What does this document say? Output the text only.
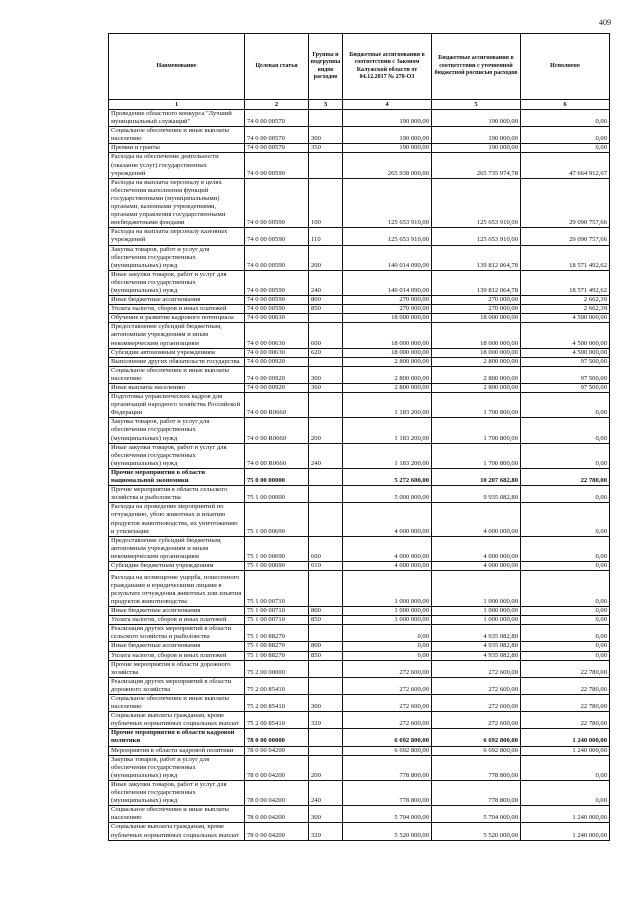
409
Наименование	Целевая статья	Группы и подгруппы видов расходов	Бюджетные ассигнования в соответствии с Законом Калужской области от 04.12.2017 № 278-ОЗ	Бюджетные ассигнования в соответствии с уточненной бюджетной росписью расходов	Исполнено
1	2	3	4	5	6
Проведение областного конкурса "Лучший муниципальный служащий"	74 0 00 00570		190 000,00	190 000,00	0,00
Социальное обеспечение и иные выплаты населению	74 0 00 00570	300	190 000,00	190 000,00	0,00
Премии и гранты	74 0 00 00570	350	190 000,00	190 000,00	0,00
Расходы на обеспечение деятельности (оказание услуг) государственных учреждений	74 0 00 00590		265 938 000,00	265 735 974,78	47 664 912,67
Расходы на выплаты персоналу в целях обеспечения выполнения функций государственными (муниципальными) органами, казенными учреждениями, органами управления государственными внебюджетными фондами	74 0 00 00590	100	125 653 910,00	125 653 910,00	29 090 757,66
Расходы на выплаты персоналу казенных учреждений	74 0 00 00590	110	125 653 910,00	125 653 910,00	29 090 757,66
Закупка товаров, работ и услуг для обеспечения государственных (муниципальных) нужд	74 0 00 00590	200	140 014 090,00	139 812 064,78	18 571 492,62
Иные закупки товаров, работ и услуг для обеспечения государственных (муниципальных) нужд	74 0 00 00590	240	140 014 090,00	139 812 064,78	18 571 492,62
Иные бюджетные ассигнования	74 0 00 00590	800	270 000,00	270 000,00	2 662,39
Уплата налогов, сборов и иных платежей	74 0 00 00590	850	270 000,00	270 000,00	2 662,39
Обучение и развитие кадрового потенциала	74 0 00 00630		18 000 000,00	18 000 000,00	4 500 000,00
Предоставление субсидий бюджетным, автономным учреждениям и иным некоммерческим организациям	74 0 00 00630	600	18 000 000,00	18 000 000,00	4 500 000,00
Субсидии автономным учреждениям	74 0 00 00630	620	18 000 000,00	18 000 000,00	4 500 000,00
Выполнение других обязательств государства	74 0 00 00920		2 800 000,00	2 800 000,00	97 500,00
Социальное обеспечение и иные выплаты населению	74 0 00 00920	300	2 800 000,00	2 800 000,00	97 500,00
Иные выплаты населению	74 0 00 00920	360	2 800 000,00	2 800 000,00	97 500,00
Подготовка управленческих кадров для организаций народного хозяйства Российской Федерации	74 0 00 R0660		1 183 200,00	1 700 800,00	0,00
Закупка товаров, работ и услуг для обеспечения государственных (муниципальных) нужд	74 0 00 R0660	200	1 183 200,00	1 700 800,00	0,00
Иные закупки товаров, работ и услуг для обеспечения государственных (муниципальных) нужд	74 0 00 R0660	240	1 183 200,00	1 700 800,00	0,00
Прочие мероприятия в области национальной экономики	75 0 00 00000		5 272 600,00	10 207 682,80	22 780,00
Прочие мероприятия в области сельского хозяйства и рыболовства	75 1 00 00000		5 000 000,00	9 935 082,80	0,00
Расходы на проведение мероприятий по отчуждению, убою животных и изъятию продуктов животноводства, их уничтожению и утилизации	75 1 00 00690		4 000 000,00	4 000 000,00	0,00
Предоставление субсидий бюджетным, автономным учреждениям и иным некоммерческим организациям	75 1 00 00690	600	4 000 000,00	4 000 000,00	0,00
Субсидии бюджетным учреждениям	75 1 00 00690	610	4 000 000,00	4 000 000,00	0,00
Расходы на возмещение ущерба, понесенного гражданами и юридическими лицами в результате отчуждения животных или изъятия продуктов животноводства	75 1 00 00710		1 000 000,00	1 000 000,00	0,00
Иные бюджетные ассигнования	75 1 00 00710	800	1 000 000,00	1 000 000,00	0,00
Уплата налогов, сборов и иных платежей	75 1 00 00710	850	1 000 000,00	1 000 000,00	0,00
Реализация других мероприятий в области сельского хозяйства и рыболовства	75 1 00 88270		0,00	4 935 082,80	0,00
Иные бюджетные ассигнования	75 1 00 88270	800	0,00	4 935 082,80	0,00
Уплата налогов, сборов и иных платежей	75 1 00 88270	850	0,00	4 935 082,80	0,00
Прочие мероприятия в области дорожного хозяйства	75 2 00 00000		272 600,00	272 600,00	22 780,00
Реализация других мероприятий в области дорожного хозяйства	75 2 00 85410		272 600,00	272 600,00	22 780,00
Социальное обеспечение и иные выплаты населению	75 2 00 85410	300	272 600,00	272 600,00	22 780,00
Социальные выплаты гражданам, кроме публичных нормативных социальных выплат	75 2 00 85410	320	272 600,00	272 600,00	22 780,00
Прочие мероприятия в области кадровой политики	78 0 00 00000		6 692 800,00	6 692 800,00	1 240 000,00
Мероприятия в области кадровой политики	78 0 00 04200		6 692 800,00	6 692 800,00	1 240 000,00
Закупка товаров, работ и услуг для обеспечения государственных (муниципальных) нужд	78 0 00 04200	200	778 800,00	778 800,00	0,00
Иные закупки товаров, работ и услуг для обеспечения государственных (муниципальных) нужд	78 0 00 04200	240	778 800,00	778 800,00	0,00
Социальное обеспечение и иные выплаты населению	78 0 00 04200	300	5 704 000,00	5 704 000,00	1 240 000,00
Социальные выплаты гражданам, кроме публичных нормативных социальных выплат	78 0 00 04200	320	5 520 000,00	5 520 000,00	1 240 000,00
